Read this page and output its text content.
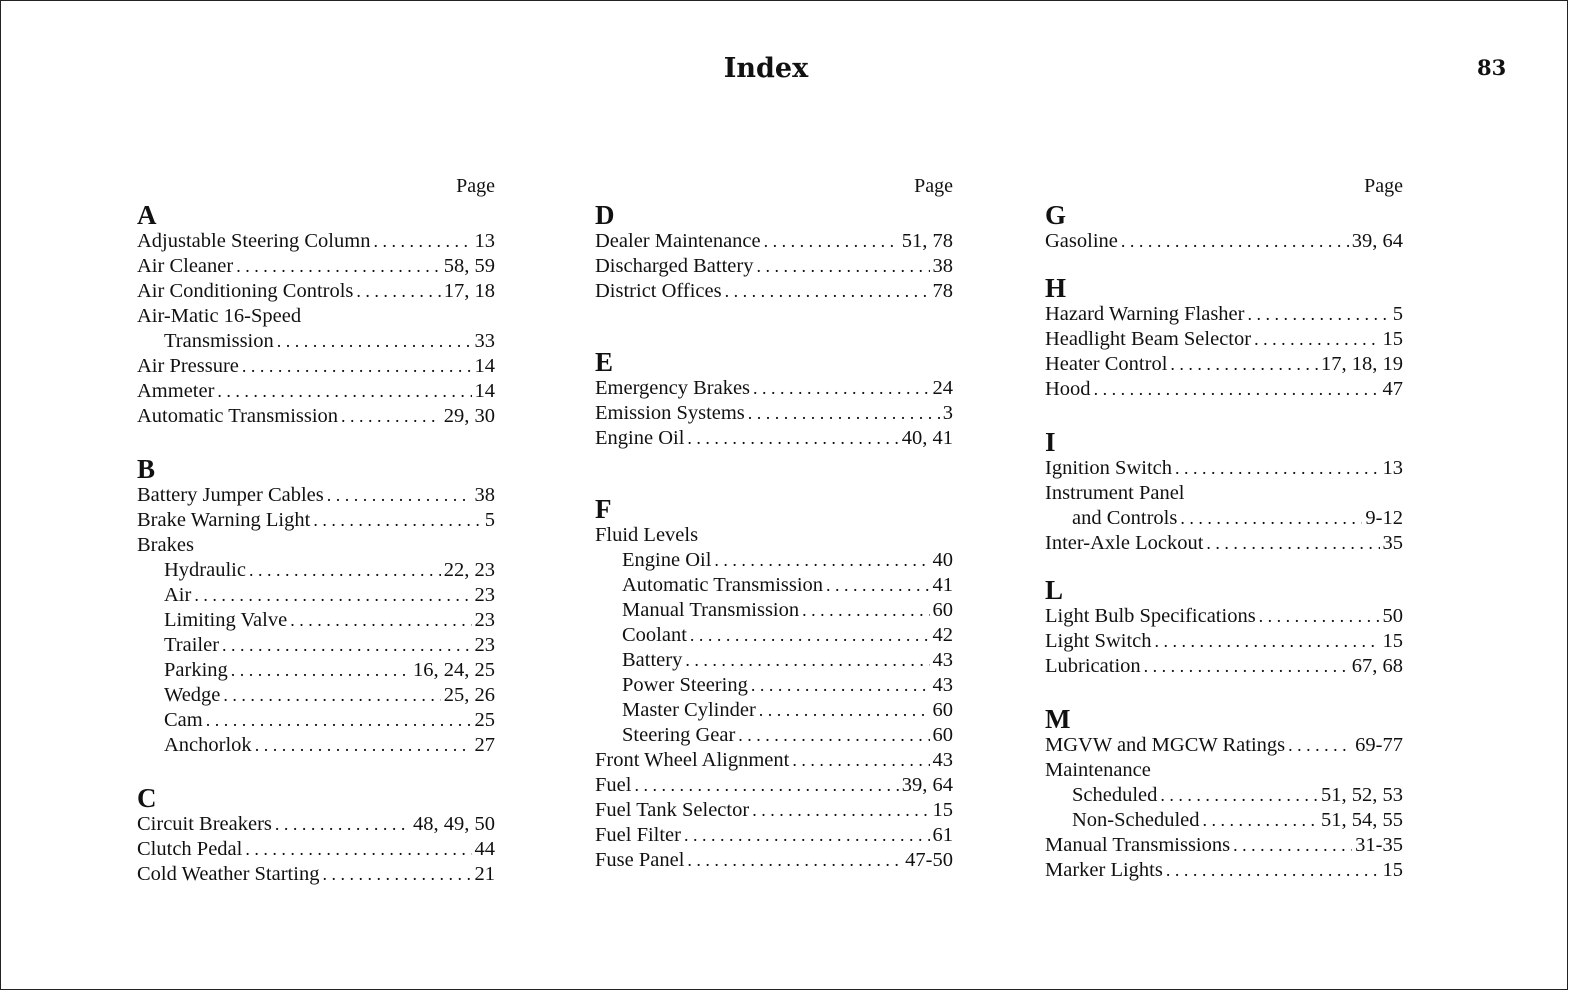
Index	83
Page
A
Adjustable Steering Column . . .	13
Air Cleaner . . .	58, 59
Air Conditioning Controls . . .	17, 18
Air-Matic 16-Speed
Transmission . . .	33
Air Pressure . . .	14
Ammeter . . .	14
Automatic Transmission . . .	29, 30
B
Battery Jumper Cables . . .	38
Brake Warning Light . . .	5
Brakes
Hydraulic . . .	22, 23
Air . . .	23
Limiting Valve . . .	23
Trailer . . .	23
Parking . . .	16, 24, 25
Wedge . . .	25, 26
Cam . . .	25
Anchorlok . . .	27
C
Circuit Breakers . . .	48, 49, 50
Clutch Pedal . . .	44
Cold Weather Starting . . .	21
Page
D
Dealer Maintenance . . .	51, 78
Discharged Battery . . .	38
District Offices . . .	78
E
Emergency Brakes . . .	24
Emission Systems . . .	3
Engine Oil . . .	40, 41
F
Fluid Levels
Engine Oil . . .	40
Automatic Transmission . . .	41
Manual Transmission . . .	60
Coolant . . .	42
Battery . . .	43
Power Steering . . .	43
Master Cylinder . . .	60
Steering Gear . . .	60
Front Wheel Alignment . . .	43
Fuel . . .	39, 64
Fuel Tank Selector . . .	15
Fuel Filter . . .	61
Fuse Panel . . .	47-50
Page
G
Gasoline . . .	39, 64
H
Hazard Warning Flasher . . .	5
Headlight Beam Selector . . .	15
Heater Control . . .	17, 18, 19
Hood . . .	47
I
Ignition Switch . . .	13
Instrument Panel
and Controls . . .	9-12
Inter-Axle Lockout . . .	35
L
Light Bulb Specifications . . .	50
Light Switch . . .	15
Lubrication . . .	67, 68
M
MGVW and MGCW Ratings . . .	69-77
Maintenance
Scheduled . . .	51, 52, 53
Non-Scheduled . . .	51, 54, 55
Manual Transmissions . . .	31-35
Marker Lights . . .	15
